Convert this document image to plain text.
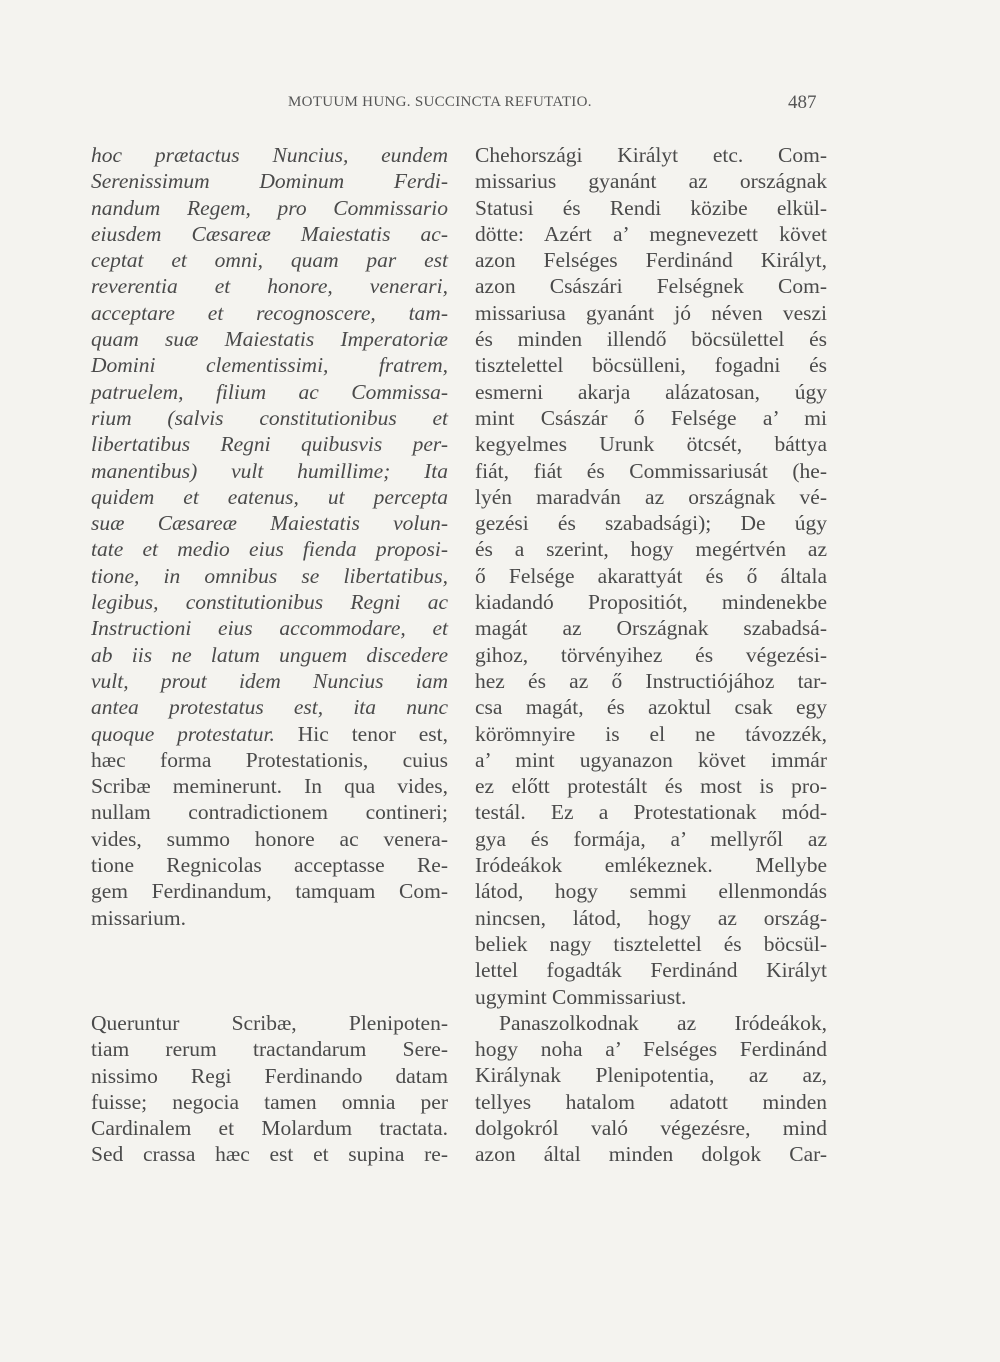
MOTUUM HUNG. SUCCINCTA REFUTATIO.	487
hoc prætactus Nuncius, eundem
Serenissimum Dominum Ferdi-
nandum Regem, pro Commissario
eiusdem Cæsareæ Maiestatis ac-
ceptat et omni, quam par est
reverentia et honore, venerari,
acceptare et recognoscere, tam-
quam suæ Maiestatis Imperatoriæ
Domini clementissimi, fratrem,
patruelem, filium ac Commissa-
rium (salvis constitutionibus et
libertatibus Regni quibusvis per-
manentibus) vult humillime; Ita
quidem et eatenus, ut percepta
suæ Cæsareæ Maiestatis volun-
tate et medio eius fienda proposi-
tione, in omnibus se libertatibus,
legibus, constitutionibus Regni ac
Instructioni eius accommodare, et
ab iis ne latum unguem discedere
vult, prout idem Nuncius iam
antea protestatus est, ita nunc
quoque protestatur. Hic tenor est,
hæc forma Protestationis, cuius
Scribæ meminerunt. In qua vides,
nullam contradictionem contineri;
vides, summo honore ac venera-
tione Regnicolas acceptasse Re-
gem Ferdinandum, tamquam Com-
missarium.
Queruntur Scribæ, Plenipoten-
tiam rerum tractandarum Sere-
nissimo Regi Ferdinando datam
fuisse; negocia tamen omnia per
Cardinalem et Molardum tractata.
Sed crassa hæc est et supina re-
Chehországi Királyt etc. Com-
missarius gyanánt az országnak
Statusi és Rendi közibe elkül-
dötte: Azért a’ megnevezett követ
azon Felséges Ferdinánd Királyt,
azon Császári Felségnek Com-
missariusa gyanánt jó néven veszi
és minden illendő böcsülettel és
tisztelettel böcsülleni, fogadni és
esmerni akarja alázatosan, úgy
mint Császár ő Felsége a’ mi
kegyelmes Urunk ötcsét, báttya
fiát, fiát és Commissariusát (he-
lyén maradván az országnak vé-
gezési és szabadsági); De úgy
és a szerint, hogy megértvén az
ő Felsége akarattyát és ő általa
kiadandó Propositiót, mindenekbe
magát az Országnak szabadsá-
gihoz, törvényihez és végezési-
hez és az ő Instructiójához tar-
csa magát, és azoktul csak egy
körömnyire is el ne távozzék,
a’ mint ugyanazon követ immár
ez előtt protestált és most is pro-
testál. Ez a Protestationak mód-
gya és formája, a’ mellyről az
Iródeákok emlékeznek. Mellybe
látod, hogy semmi ellenmondás
nincsen, látod, hogy az ország-
beliek nagy tisztelettel és böcsül-
lettel fogadták Ferdinánd Királyt
ugymint Commissariust.
Panaszolkodnak az Iródeákok,
hogy noha a’ Felséges Ferdinánd
Királynak Plenipotentia, az az,
tellyes hatalom adatott minden
dolgokról való végezésre, mind
azon által minden dolgok Car-
